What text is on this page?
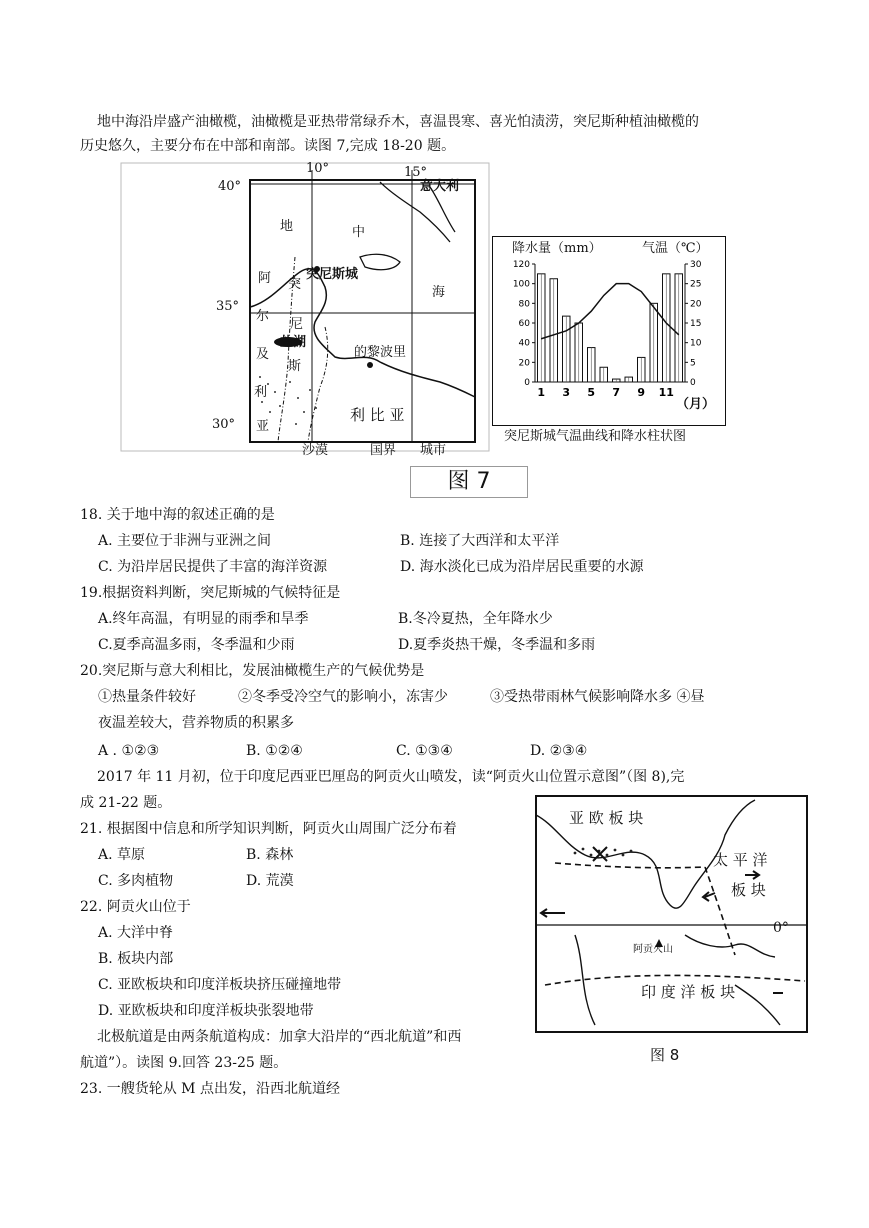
地中海沿岸盛产油橄榄，油橄榄是亚热带常绿乔木，喜温畏寒、喜光怕渍涝，突尼斯种植油橄榄的
历史悠久，主要分布在中部和南部。读图 7,完成 18-20 题。
40°
35°
30°
10°	15°
意大利
地	中
海
阿 突
尼
斯
尔
及
利
亚
突尼斯城
盐湖
的黎波里
利 比 亚
沙漠	国界 城市
降水量（mm）	气温（℃）
0
20
40
60
80
100
120
0
5
10
15
20
25
30
1 3 5 7 9 11
（月）
突尼斯城气温曲线和降水柱状图
图 7
18. 关于地中海的叙述正确的是
A. 主要位于非洲与亚洲之间	B. 连接了大西洋和太平洋
C. 为沿岸居民提供了丰富的海洋资源	D. 海水淡化已成为沿岸居民重要的水源
19.根据资料判断，突尼斯城的气候特征是
A.终年高温，有明显的雨季和旱季	B.冬冷夏热，全年降水少
C.夏季高温多雨，冬季温和少雨	D.夏季炎热干燥，冬季温和多雨
20.突尼斯与意大利相比，发展油橄榄生产的气候优势是
①热量条件较好　　　②冬季受冷空气的影响小，冻害少　　　③受热带雨林气候影响降水多 ④昼
夜温差较大，营养物质的积累多
A . ①②③	B. ①②④	C. ①③④	D. ②③④
2017 年 11 月初，位于印度尼西亚巴厘岛的阿贡火山喷发，读“阿贡火山位置示意图”（图 8),完
成 21-22 题。
21. 根据图中信息和所学知识判断，阿贡火山周围广泛分布着
A. 草原	B. 森林
C. 多肉植物	D. 荒漠
22. 阿贡火山位于
A. 大洋中脊
B. 板块内部
C. 亚欧板块和印度洋板块挤压碰撞地带
D. 亚欧板块和印度洋板块张裂地带
北极航道是由两条航道构成：加拿大沿岸的“西北航道”和西
航道”）。读图 9.回答 23-25 题。
23. 一艘货轮从 M 点出发，沿西北航道经
亚 欧 板 块
太 平 洋
板 块
0°
阿贡火山
印 度 洋 板 块
图 8
